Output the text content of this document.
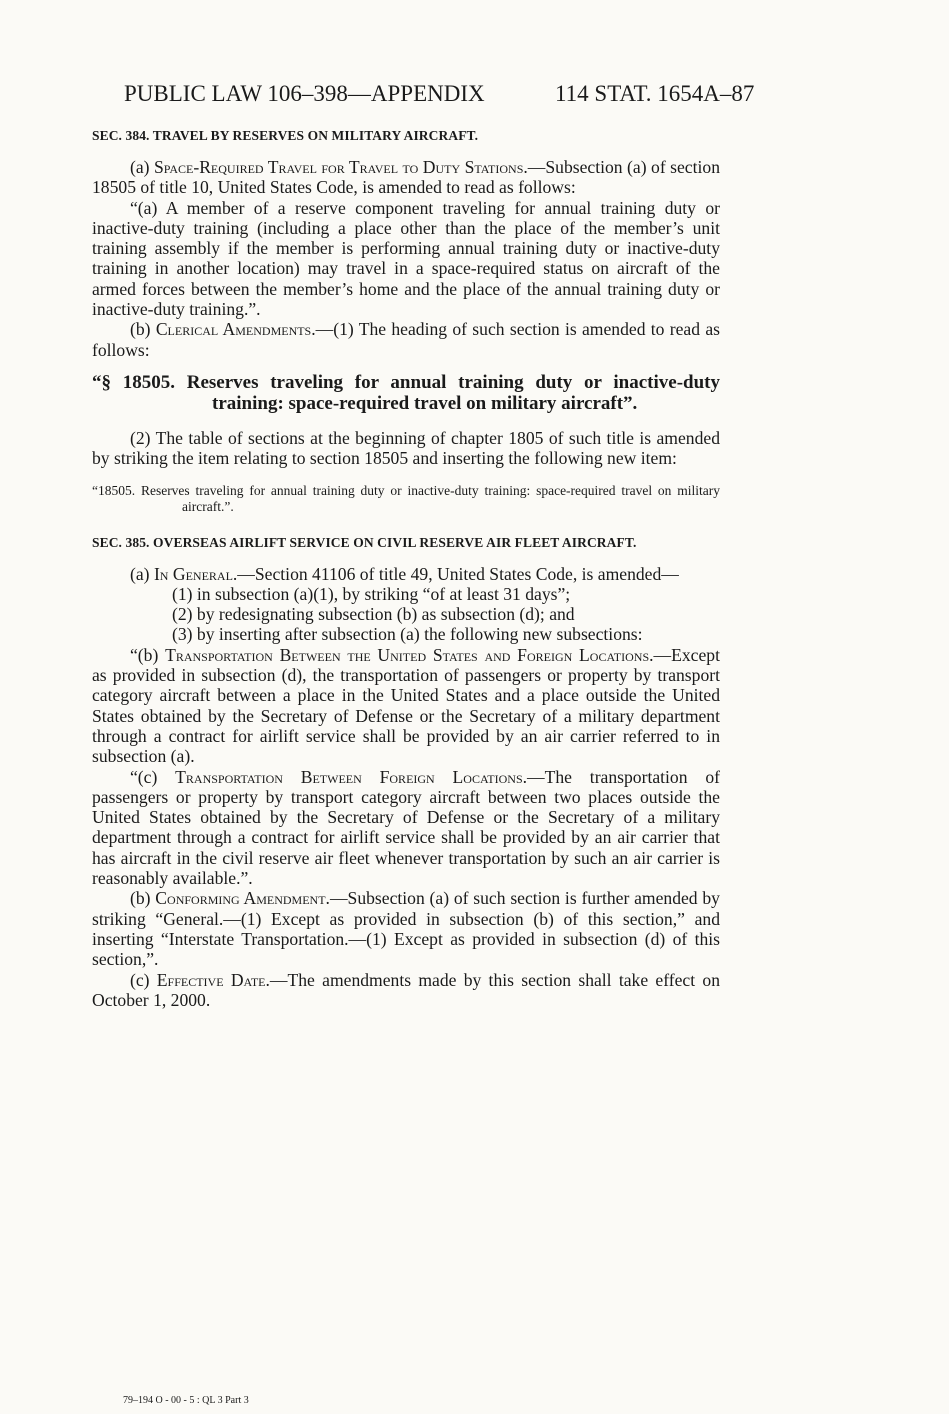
PUBLIC LAW 106–398—APPENDIX	114 STAT. 1654A–87

SEC. 384. TRAVEL BY RESERVES ON MILITARY AIRCRAFT.

(a) Space-Required Travel for Travel to Duty Stations.—Subsection (a) of section 18505 of title 10, United States Code, is amended to read as follows:

“(a) A member of a reserve component traveling for annual training duty or inactive-duty training (including a place other than the place of the member’s unit training assembly if the member is performing annual training duty or inactive-duty training in another location) may travel in a space-required status on aircraft of the armed forces between the member’s home and the place of the annual training duty or inactive-duty training.”.

(b) Clerical Amendments.—(1) The heading of such section is amended to read as follows:

“§ 18505. Reserves traveling for annual training duty or inactive-duty training: space-required travel on military aircraft”.

(2) The table of sections at the beginning of chapter 1805 of such title is amended by striking the item relating to section 18505 and inserting the following new item:

“18505. Reserves traveling for annual training duty or inactive-duty training: space-required travel on military aircraft.”.

SEC. 385. OVERSEAS AIRLIFT SERVICE ON CIVIL RESERVE AIR FLEET AIRCRAFT.

(a) In General.—Section 41106 of title 49, United States Code, is amended—

(1) in subsection (a)(1), by striking “of at least 31 days”;

(2) by redesignating subsection (b) as subsection (d); and

(3) by inserting after subsection (a) the following new subsections:

“(b) Transportation Between the United States and Foreign Locations.—Except as provided in subsection (d), the transportation of passengers or property by transport category aircraft between a place in the United States and a place outside the United States obtained by the Secretary of Defense or the Secretary of a military department through a contract for airlift service shall be provided by an air carrier referred to in subsection (a).

“(c) Transportation Between Foreign Locations.—The transportation of passengers or property by transport category aircraft between two places outside the United States obtained by the Secretary of Defense or the Secretary of a military department through a contract for airlift service shall be provided by an air carrier that has aircraft in the civil reserve air fleet whenever transportation by such an air carrier is reasonably available.”.

(b) Conforming Amendment.—Subsection (a) of such section is further amended by striking “General.—(1) Except as provided in subsection (b) of this section,” and inserting “Interstate Transportation.—(1) Except as provided in subsection (d) of this section,”.

(c) Effective Date.—The amendments made by this section shall take effect on October 1, 2000.

79–194 O - 00 - 5 : QL 3 Part 3
